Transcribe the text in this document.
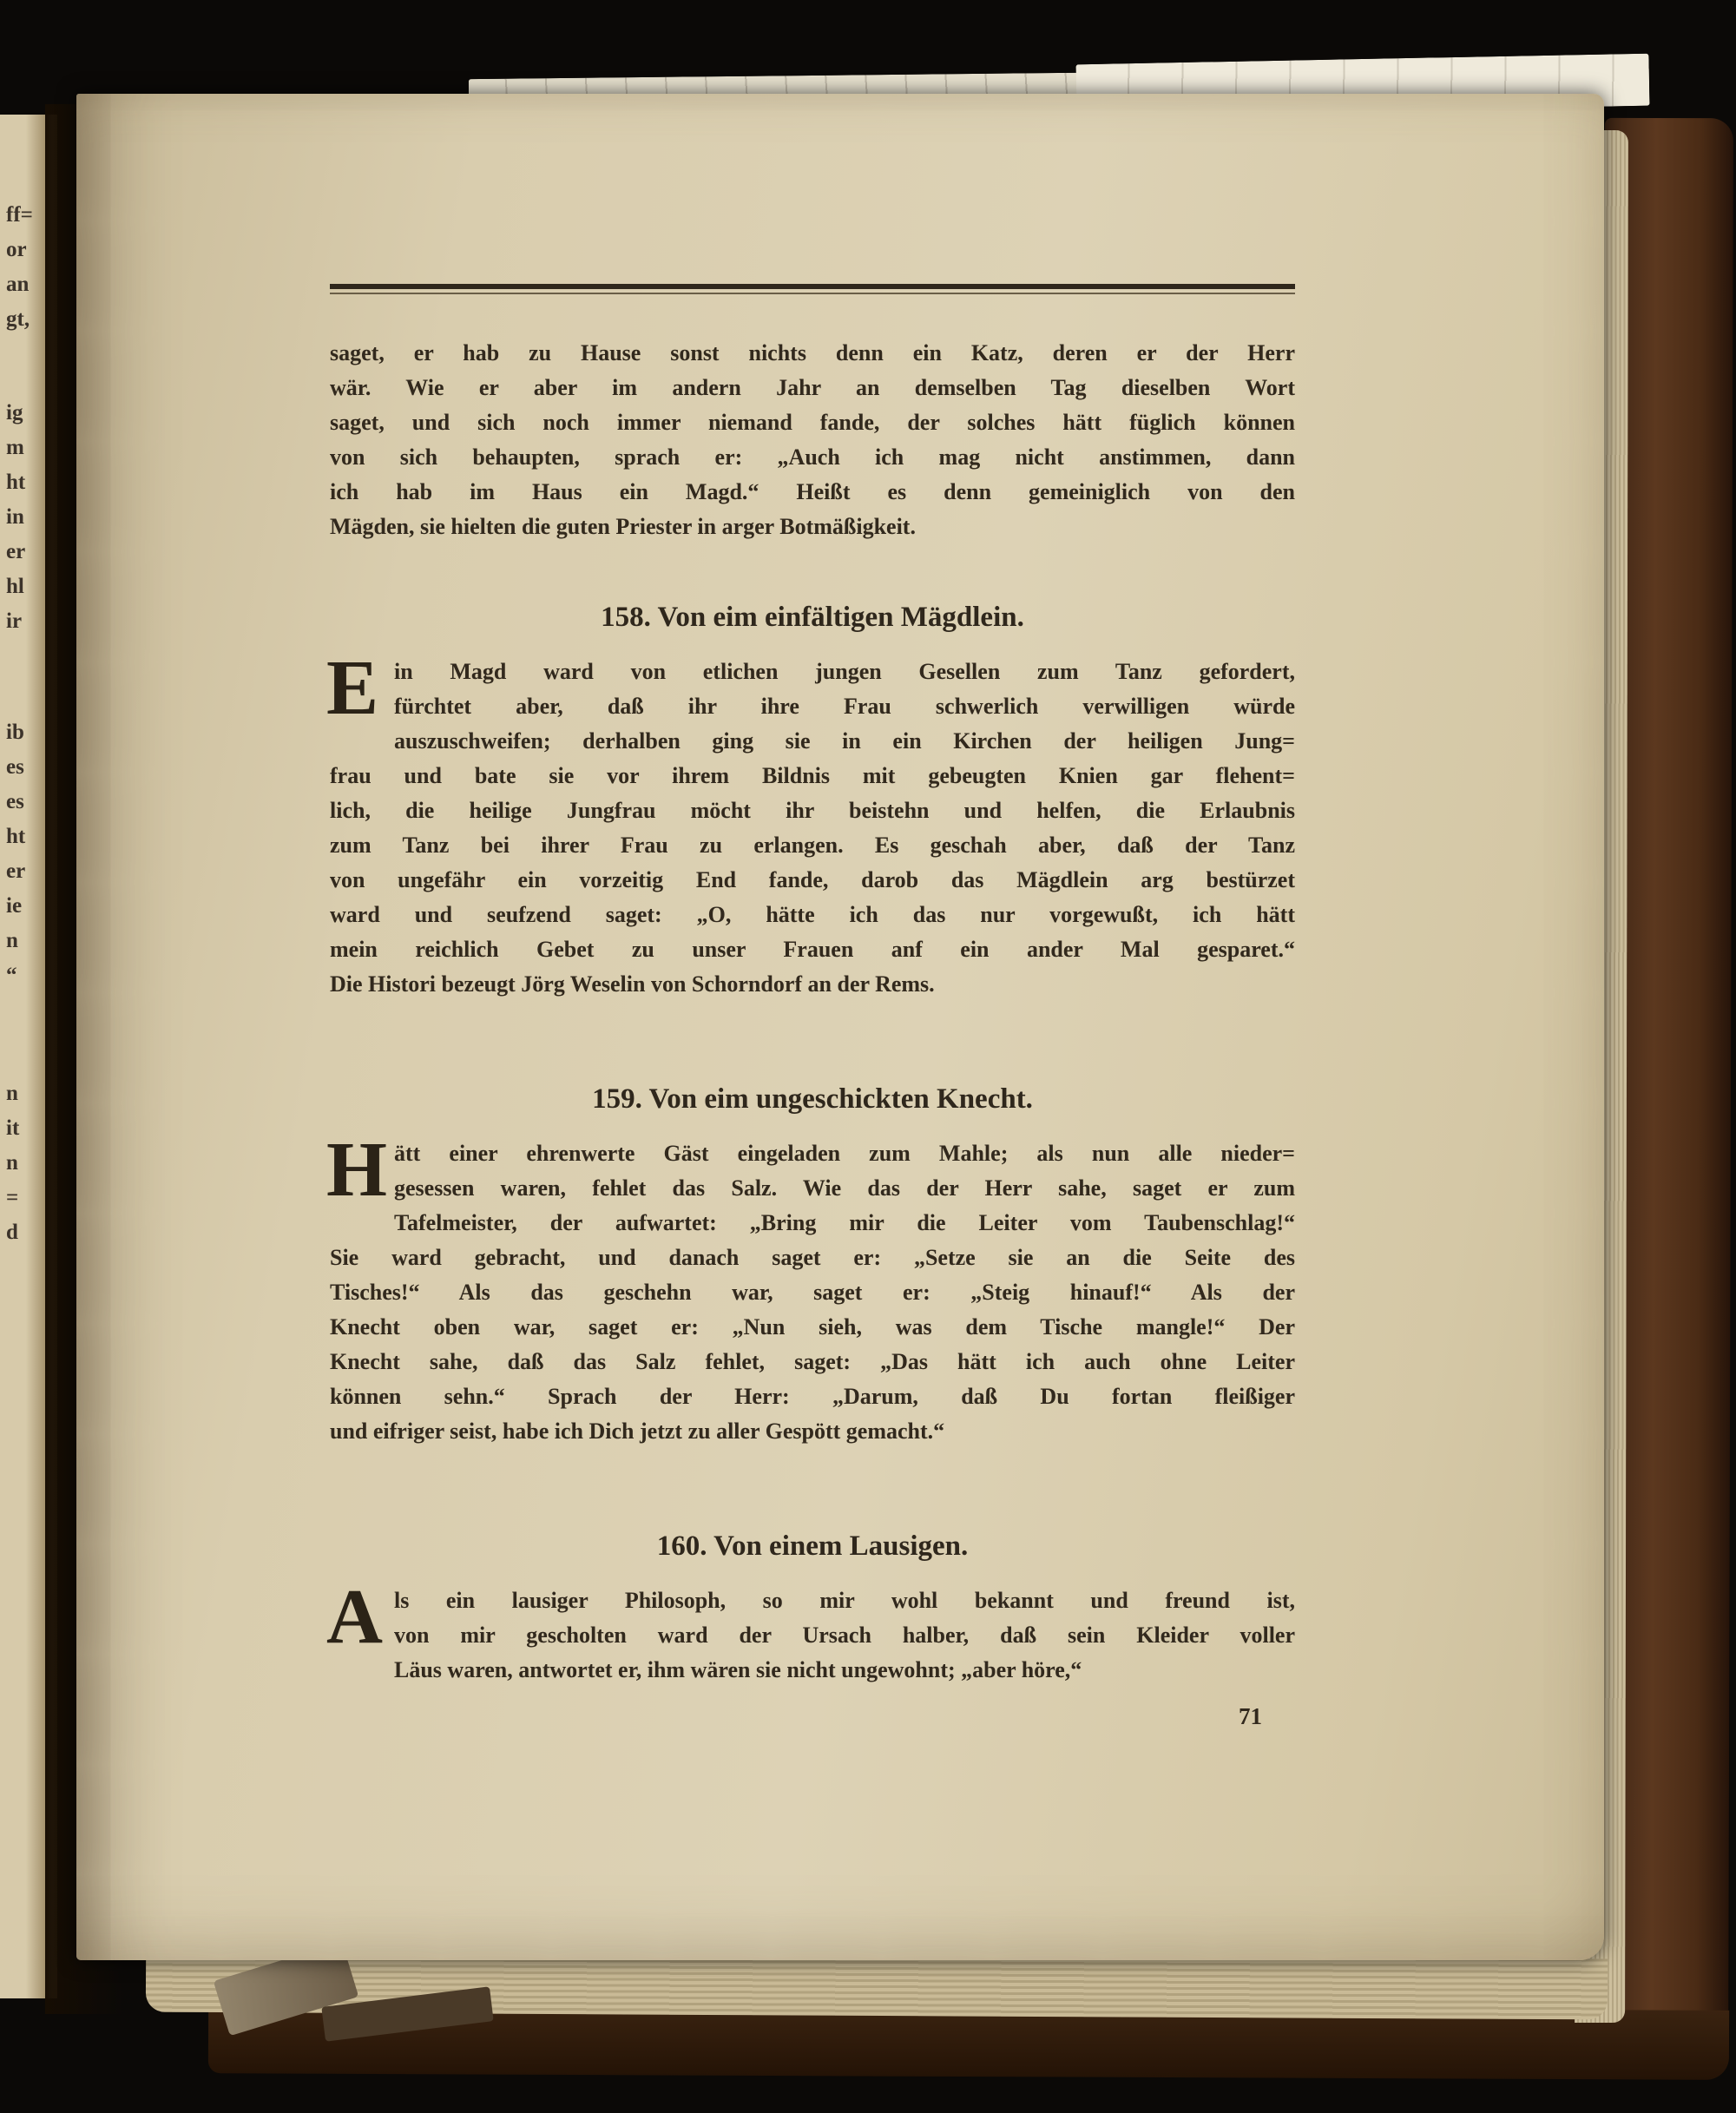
ff=
or
an
gt,
ig
m
ht
in
er
hl
ir
ib
es
es
ht
er
ie
n
“
n
it
n
=
d
saget, er hab zu Hause sonst nichts denn ein Katz, deren er der Herr
wär. Wie er aber im andern Jahr an demselben Tag dieselben Wort
saget, und sich noch immer niemand fande, der solches hätt füglich können
von sich behaupten, sprach er: „Auch ich mag nicht anstimmen, dann
ich hab im Haus ein Magd.“ Heißt es denn gemeiniglich von den
Mägden, sie hielten die guten Priester in arger Botmäßigkeit.
158. Von eim einfältigen Mägdlein.
E in Magd ward von etlichen jungen Gesellen zum Tanz gefordert,
fürchtet aber, daß ihr ihre Frau schwerlich verwilligen würde
auszuschweifen; derhalben ging sie in ein Kirchen der heiligen Jung=
frau und bate sie vor ihrem Bildnis mit gebeugten Knien gar flehent=
lich, die heilige Jungfrau möcht ihr beistehn und helfen, die Erlaubnis
zum Tanz bei ihrer Frau zu erlangen. Es geschah aber, daß der Tanz
von ungefähr ein vorzeitig End fande, darob das Mägdlein arg bestürzet
ward und seufzend saget: „O, hätte ich das nur vorgewußt, ich hätt
mein reichlich Gebet zu unser Frauen anf ein ander Mal gesparet.“
Die Histori bezeugt Jörg Weselin von Schorndorf an der Rems.
159. Von eim ungeschickten Knecht.
H ätt einer ehrenwerte Gäst eingeladen zum Mahle; als nun alle nieder=
gesessen waren, fehlet das Salz. Wie das der Herr sahe, saget er zum
Tafelmeister, der aufwartet: „Bring mir die Leiter vom Taubenschlag!“
Sie ward gebracht, und danach saget er: „Setze sie an die Seite des
Tisches!“ Als das geschehn war, saget er: „Steig hinauf!“ Als der
Knecht oben war, saget er: „Nun sieh, was dem Tische mangle!“ Der
Knecht sahe, daß das Salz fehlet, saget: „Das hätt ich auch ohne Leiter
können sehn.“ Sprach der Herr: „Darum, daß Du fortan fleißiger
und eifriger seist, habe ich Dich jetzt zu aller Gespött gemacht.“
160. Von einem Lausigen.
A ls ein lausiger Philosoph, so mir wohl bekannt und freund ist,
von mir gescholten ward der Ursach halber, daß sein Kleider voller
Läus waren, antwortet er, ihm wären sie nicht ungewohnt; „aber höre,“
71
